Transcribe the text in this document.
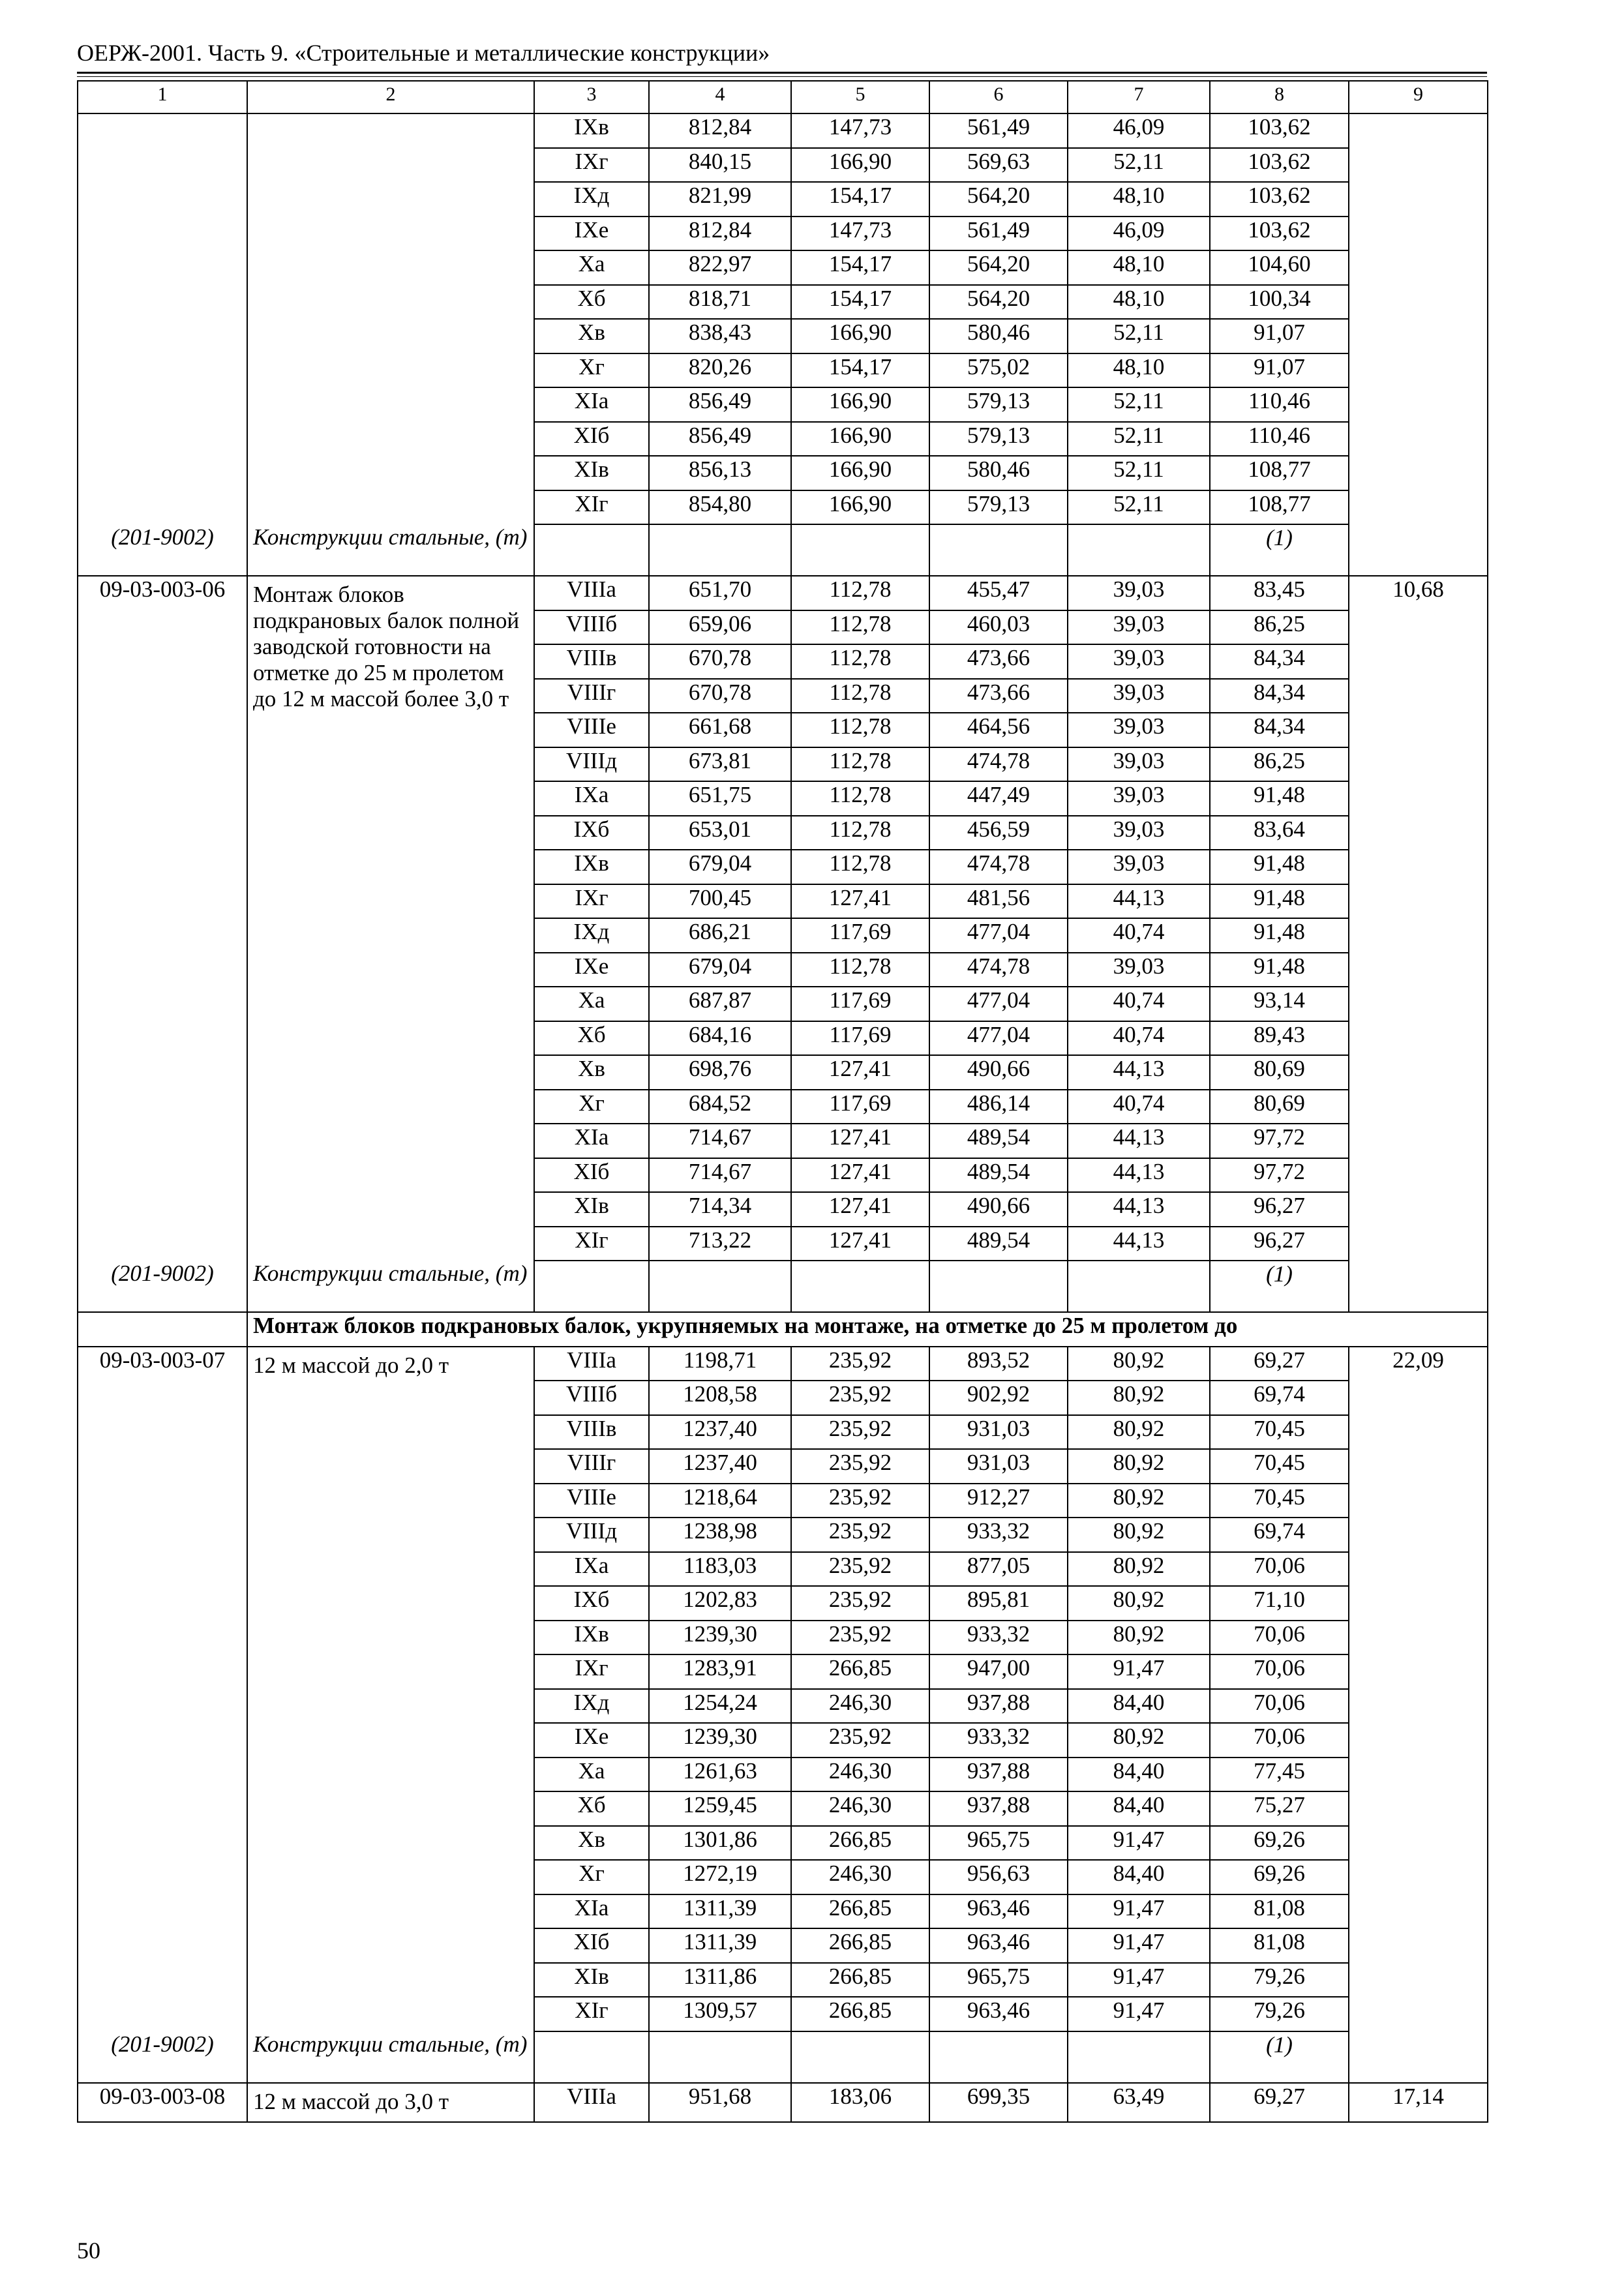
ОЕРЖ-2001. Часть 9. «Строительные и металлические конструкции»
1	2	3	4	5	6	7	8	9
		IXв	812,84	147,73	561,49	46,09	103,62	
		IXг	840,15	166,90	569,63	52,11	103,62	
		IXд	821,99	154,17	564,20	48,10	103,62	
		IXе	812,84	147,73	561,49	46,09	103,62	
		Xа	822,97	154,17	564,20	48,10	104,60	
		Xб	818,71	154,17	564,20	48,10	100,34	
		Xв	838,43	166,90	580,46	52,11	91,07	
		Xг	820,26	154,17	575,02	48,10	91,07	
		XIа	856,49	166,90	579,13	52,11	110,46	
		XIб	856,49	166,90	579,13	52,11	110,46	
		XIв	856,13	166,90	580,46	52,11	108,77	
		XIг	854,80	166,90	579,13	52,11	108,77	
(201-9002)	Конструкции стальные, (т)						(1)	
09-03-003-06	Монтаж блоков подкрановых балок полной заводской готовности на отметке до 25 м пролетом до 12 м массой более 3,0 т	VIIIа	651,70	112,78	455,47	39,03	83,45	10,68
		VIIIб	659,06	112,78	460,03	39,03	86,25	
		VIIIв	670,78	112,78	473,66	39,03	84,34	
		VIIIг	670,78	112,78	473,66	39,03	84,34	
		VIIIе	661,68	112,78	464,56	39,03	84,34	
		VIIIд	673,81	112,78	474,78	39,03	86,25	
		IXа	651,75	112,78	447,49	39,03	91,48	
		IXб	653,01	112,78	456,59	39,03	83,64	
		IXв	679,04	112,78	474,78	39,03	91,48	
		IXг	700,45	127,41	481,56	44,13	91,48	
		IXд	686,21	117,69	477,04	40,74	91,48	
		IXе	679,04	112,78	474,78	39,03	91,48	
		Xа	687,87	117,69	477,04	40,74	93,14	
		Xб	684,16	117,69	477,04	40,74	89,43	
		Xв	698,76	127,41	490,66	44,13	80,69	
		Xг	684,52	117,69	486,14	40,74	80,69	
		XIа	714,67	127,41	489,54	44,13	97,72	
		XIб	714,67	127,41	489,54	44,13	97,72	
		XIв	714,34	127,41	490,66	44,13	96,27	
		XIг	713,22	127,41	489,54	44,13	96,27	
(201-9002)	Конструкции стальные, (т)						(1)	
	Монтаж блоков подкрановых балок, укрупняемых на монтаже, на отметке до 25 м пролетом до							
09-03-003-07	12 м массой до 2,0 т	VIIIа	1198,71	235,92	893,52	80,92	69,27	22,09
		VIIIб	1208,58	235,92	902,92	80,92	69,74	
		VIIIв	1237,40	235,92	931,03	80,92	70,45	
		VIIIг	1237,40	235,92	931,03	80,92	70,45	
		VIIIе	1218,64	235,92	912,27	80,92	70,45	
		VIIIд	1238,98	235,92	933,32	80,92	69,74	
		IXа	1183,03	235,92	877,05	80,92	70,06	
		IXб	1202,83	235,92	895,81	80,92	71,10	
		IXв	1239,30	235,92	933,32	80,92	70,06	
		IXг	1283,91	266,85	947,00	91,47	70,06	
		IXд	1254,24	246,30	937,88	84,40	70,06	
		IXе	1239,30	235,92	933,32	80,92	70,06	
		Xа	1261,63	246,30	937,88	84,40	77,45	
		Xб	1259,45	246,30	937,88	84,40	75,27	
		Xв	1301,86	266,85	965,75	91,47	69,26	
		Xг	1272,19	246,30	956,63	84,40	69,26	
		XIа	1311,39	266,85	963,46	91,47	81,08	
		XIб	1311,39	266,85	963,46	91,47	81,08	
		XIв	1311,86	266,85	965,75	91,47	79,26	
		XIг	1309,57	266,85	963,46	91,47	79,26	
(201-9002)	Конструкции стальные, (т)						(1)	
09-03-003-08	12 м массой до 3,0 т	VIIIа	951,68	183,06	699,35	63,49	69,27	17,14
50
